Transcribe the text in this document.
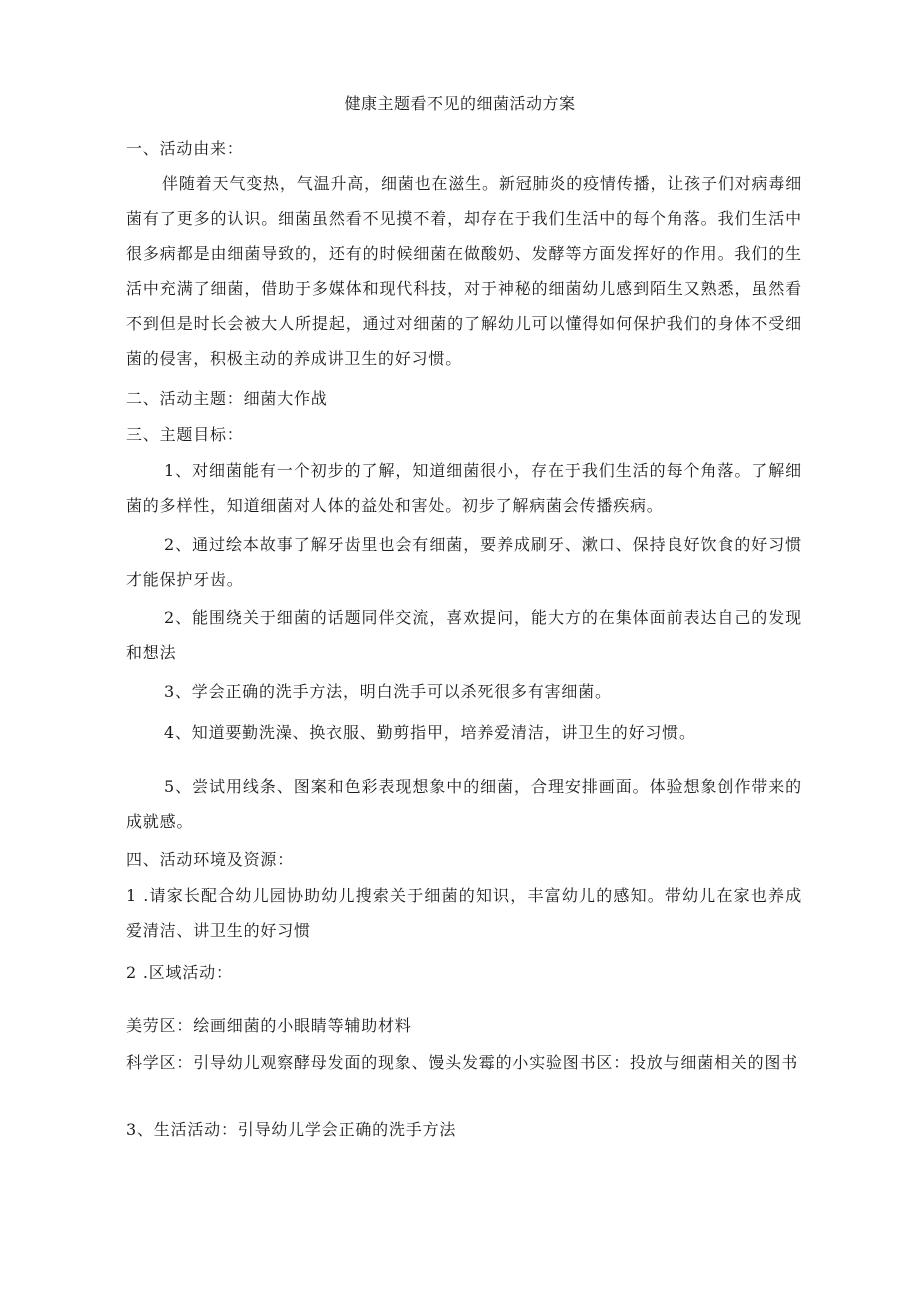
健康主题看不见的细菌活动方案
一、活动由来：
伴随着天气变热，气温升高，细菌也在滋生。新冠肺炎的疫情传播，让孩子们对病毒细菌有了更多的认识。细菌虽然看不见摸不着，却存在于我们生活中的每个角落。我们生活中很多病都是由细菌导致的，还有的时候细菌在做酸奶、发酵等方面发挥好的作用。我们的生活中充满了细菌，借助于多媒体和现代科技，对于神秘的细菌幼儿感到陌生又熟悉，虽然看不到但是时长会被大人所提起，通过对细菌的了解幼儿可以懂得如何保护我们的身体不受细菌的侵害，积极主动的养成讲卫生的好习惯。
二、活动主题：细菌大作战
三、主题目标：
1、对细菌能有一个初步的了解，知道细菌很小，存在于我们生活的每个角落。了解细菌的多样性，知道细菌对人体的益处和害处。初步了解病菌会传播疾病。
2、通过绘本故事了解牙齿里也会有细菌，要养成刷牙、漱口、保持良好饮食的好习惯才能保护牙齿。
2、能围绕关于细菌的话题同伴交流，喜欢提问，能大方的在集体面前表达自己的发现和想法
3、学会正确的洗手方法，明白洗手可以杀死很多有害细菌。
4、知道要勤洗澡、换衣服、勤剪指甲，培养爱清洁，讲卫生的好习惯。
5、尝试用线条、图案和色彩表现想象中的细菌，合理安排画面。体验想象创作带来的成就感。
四、活动环境及资源：
1 .请家长配合幼儿园协助幼儿搜索关于细菌的知识，丰富幼儿的感知。带幼儿在家也养成爱清洁、讲卫生的好习惯
2 .区域活动：
美劳区：绘画细菌的小眼睛等辅助材料
科学区：引导幼儿观察酵母发面的现象、馒头发霉的小实验图书区：投放与细菌相关的图书
3、生活活动：引导幼儿学会正确的洗手方法
